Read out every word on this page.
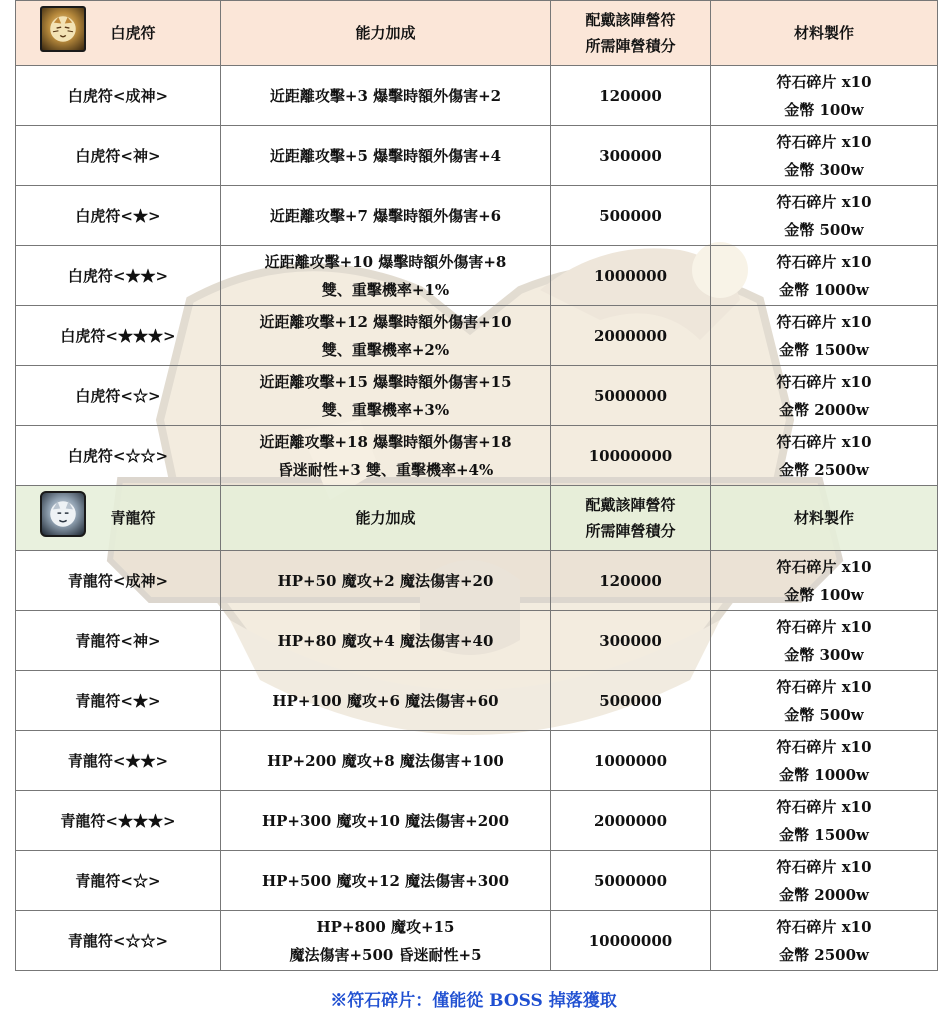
白虎符	能力加成	配戴該陣營符
所需陣營積分	材料製作

白虎符<成神>	近距離攻擊+3 爆擊時額外傷害+2	120000	符石碎片 x10
金幣 100w

白虎符<神>	近距離攻擊+5 爆擊時額外傷害+4	300000	符石碎片 x10
金幣 300w

白虎符<★>	近距離攻擊+7 爆擊時額外傷害+6	500000	符石碎片 x10
金幣 500w

白虎符<★★>	近距離攻擊+10 爆擊時額外傷害+8
雙、重擊機率+1%	1000000	符石碎片 x10
金幣 1000w

白虎符<★★★>	近距離攻擊+12 爆擊時額外傷害+10
雙、重擊機率+2%	2000000	符石碎片 x10
金幣 1500w

白虎符<☆>	近距離攻擊+15 爆擊時額外傷害+15
雙、重擊機率+3%	5000000	符石碎片 x10
金幣 2000w

白虎符<☆☆>	近距離攻擊+18 爆擊時額外傷害+18
昏迷耐性+3 雙、重擊機率+4%	10000000	符石碎片 x10
金幣 2500w

青龍符	能力加成	配戴該陣營符
所需陣營積分	材料製作

青龍符<成神>	HP+50 魔攻+2 魔法傷害+20	120000	符石碎片 x10
金幣 100w

青龍符<神>	HP+80 魔攻+4 魔法傷害+40	300000	符石碎片 x10
金幣 300w

青龍符<★>	HP+100 魔攻+6 魔法傷害+60	500000	符石碎片 x10
金幣 500w

青龍符<★★>	HP+200 魔攻+8 魔法傷害+100	1000000	符石碎片 x10
金幣 1000w

青龍符<★★★>	HP+300 魔攻+10 魔法傷害+200	2000000	符石碎片 x10
金幣 1500w

青龍符<☆>	HP+500 魔攻+12 魔法傷害+300	5000000	符石碎片 x10
金幣 2000w

青龍符<☆☆>	HP+800 魔攻+15
魔法傷害+500 昏迷耐性+5	10000000	符石碎片 x10
金幣 2500w
※符石碎片：僅能從 BOSS 掉落獲取
